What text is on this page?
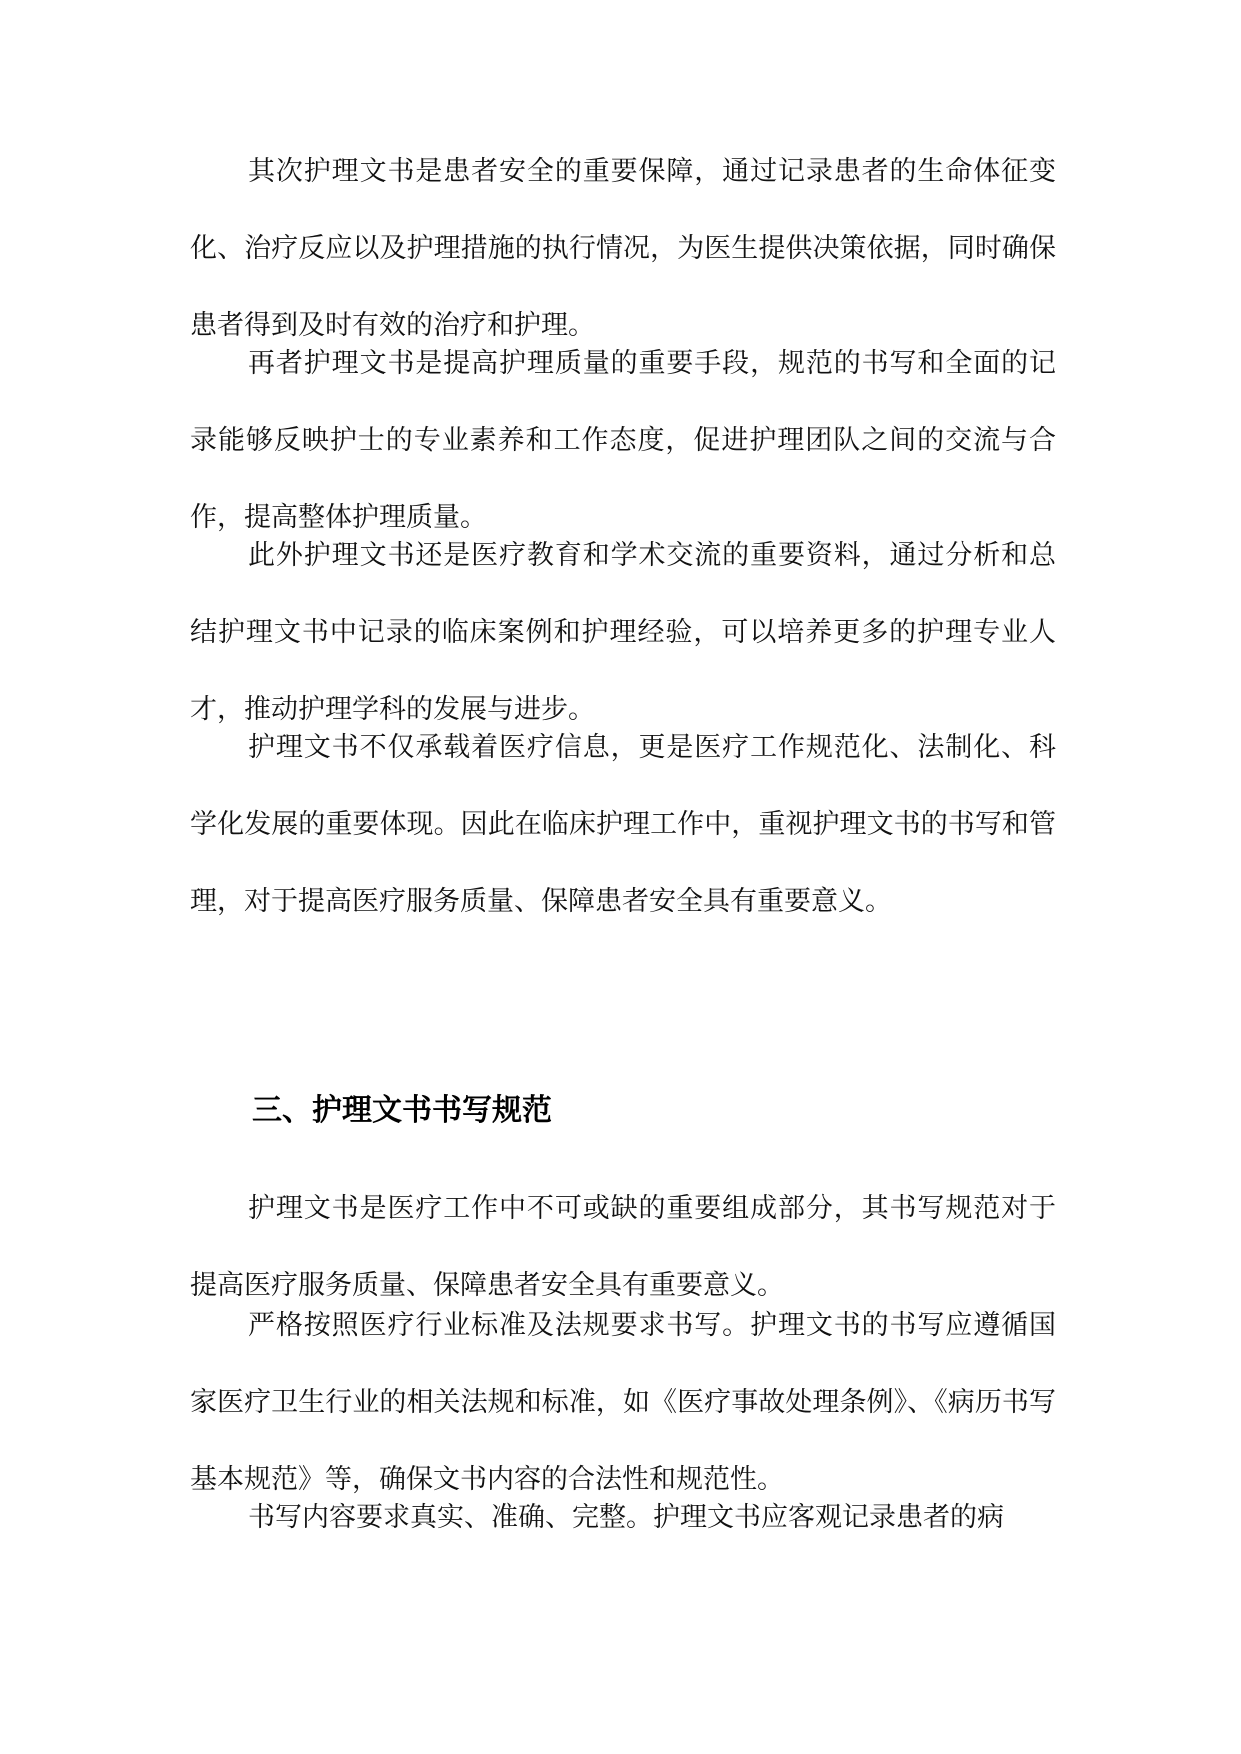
其次护理文书是患者安全的重要保障，通过记录患者的生命体征变化、治疗反应以及护理措施的执行情况，为医生提供决策依据，同时确保患者得到及时有效的治疗和护理。

再者护理文书是提高护理质量的重要手段，规范的书写和全面的记录能够反映护士的专业素养和工作态度，促进护理团队之间的交流与合作，提高整体护理质量。

此外护理文书还是医疗教育和学术交流的重要资料，通过分析和总结护理文书中记录的临床案例和护理经验，可以培养更多的护理专业人才，推动护理学科的发展与进步。

护理文书不仅承载着医疗信息，更是医疗工作规范化、法制化、科学化发展的重要体现。因此在临床护理工作中，重视护理文书的书写和管理，对于提高医疗服务质量、保障患者安全具有重要意义。

三、护理文书书写规范

护理文书是医疗工作中不可或缺的重要组成部分，其书写规范对于提高医疗服务质量、保障患者安全具有重要意义。

严格按照医疗行业标准及法规要求书写。护理文书的书写应遵循国家医疗卫生行业的相关法规和标准，如《医疗事故处理条例》、《病历书写基本规范》等，确保文书内容的合法性和规范性。

书写内容要求真实、准确、完整。护理文书应客观记录患者的病
